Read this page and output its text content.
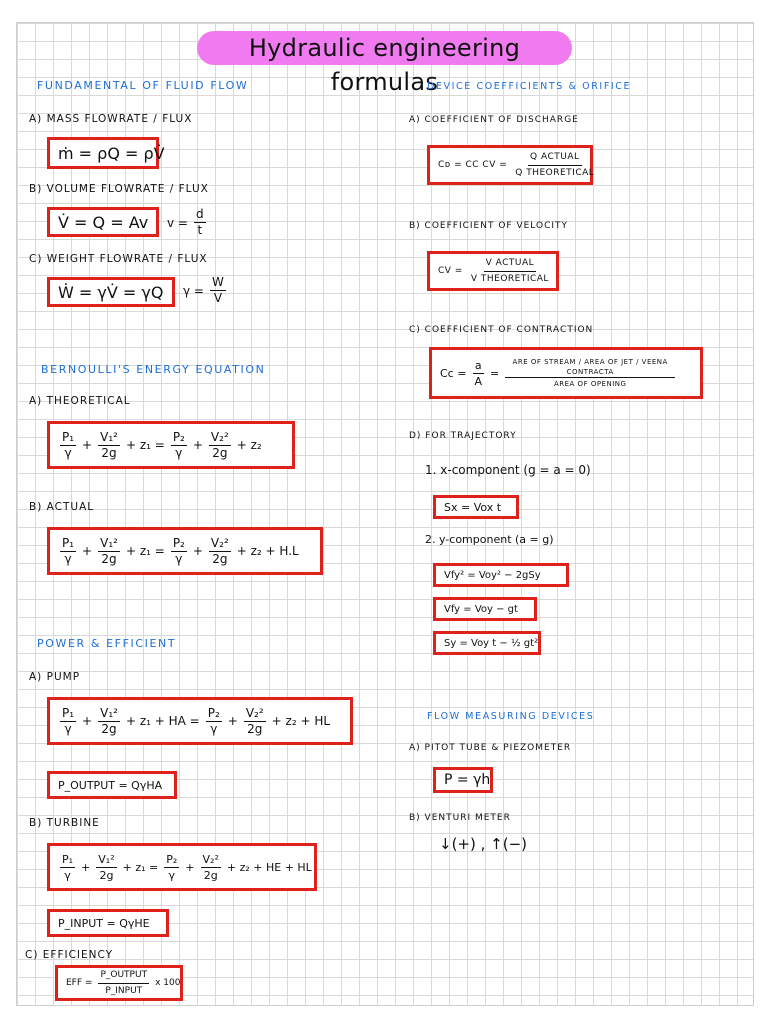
Hydraulic engineering formulas
FUNDAMENTAL OF FLUID FLOW
A) MASS FLOWRATE / FLUX
ṁ = ρQ = ρV̇
B) VOLUME FLOWRATE / FLUX
V̇ = Q = Av	$v = \frac{d}{t}$
C) WEIGHT FLOWRATE / FLUX
Ẇ = γV̇ = γQ	$\gamma = \frac{W}{V}$
BERNOULLI'S ENERGY EQUATION
A) THEORETICAL
$\frac{\text{P₁}}{\gamma} + \frac{\text{V₁²}}{2g} + z_1 = \frac{\text{P₂}}{\gamma} + \frac{\text{V₂²}}{2g} + z_2$
B) ACTUAL
$\frac{\text{P₁}}{\gamma} + \frac{\text{V₁²}}{2g} + z_1 = \frac{\text{P₂}}{\gamma} + \frac{\text{V₂²}}{2g} + z_2 + H.L$
POWER & EFFICIENT
A) PUMP
$\frac{\text{P₁}}{\gamma} + \frac{\text{V₁²}}{2g} + z_1$ + HA = $\frac{\text{P₂}}{\gamma} + \frac{\text{V₂²}}{2g} + z_2$ + HL
P_OUTPUT = QγHA
B) TURBINE
$\frac{\text{P₁}}{\gamma} + \frac{\text{V₁²}}{2g} + z_1 = \frac{\text{P₂}}{\gamma} + \frac{\text{V₂²}}{2g} + z_2$ + HE + HL
P_INPUT = QγHE
C) EFFICIENCY
EFF = $\frac{\text{P\_OUTPUT}}{\text{P\_INPUT}}$ x 100
DEVICE COEFFICIENTS & ORIFICE
A) COEFFICIENT OF DISCHARGE
Cᴅ = CC CV = $\frac{\text{Q ACTUAL}}{\text{Q THEORETICAL}}$
B) COEFFICIENT OF VELOCITY
CV = $\frac{\text{V ACTUAL}}{\text{V THEORETICAL}}$
C) COEFFICIENT OF CONTRACTION
$Cc = \frac{a}{A} = \frac{\text{ARE OF STREAM / AREA OF JET / VEENA CONTRACTA}}{\text{AREA OF OPENING}}$
D) FOR TRAJECTORY
1. x-component (g = a = 0)
Sx = Vox t
2. y-component (a = g)
Vfy² = Voy² − 2gSy
Vfy = Voy − gt
Sy = Voy t − ½ gt²
FLOW MEASURING DEVICES
A) PITOT TUBE & PIEZOMETER
P = γh
B) VENTURI METER
↓(+) , ↑(−)
